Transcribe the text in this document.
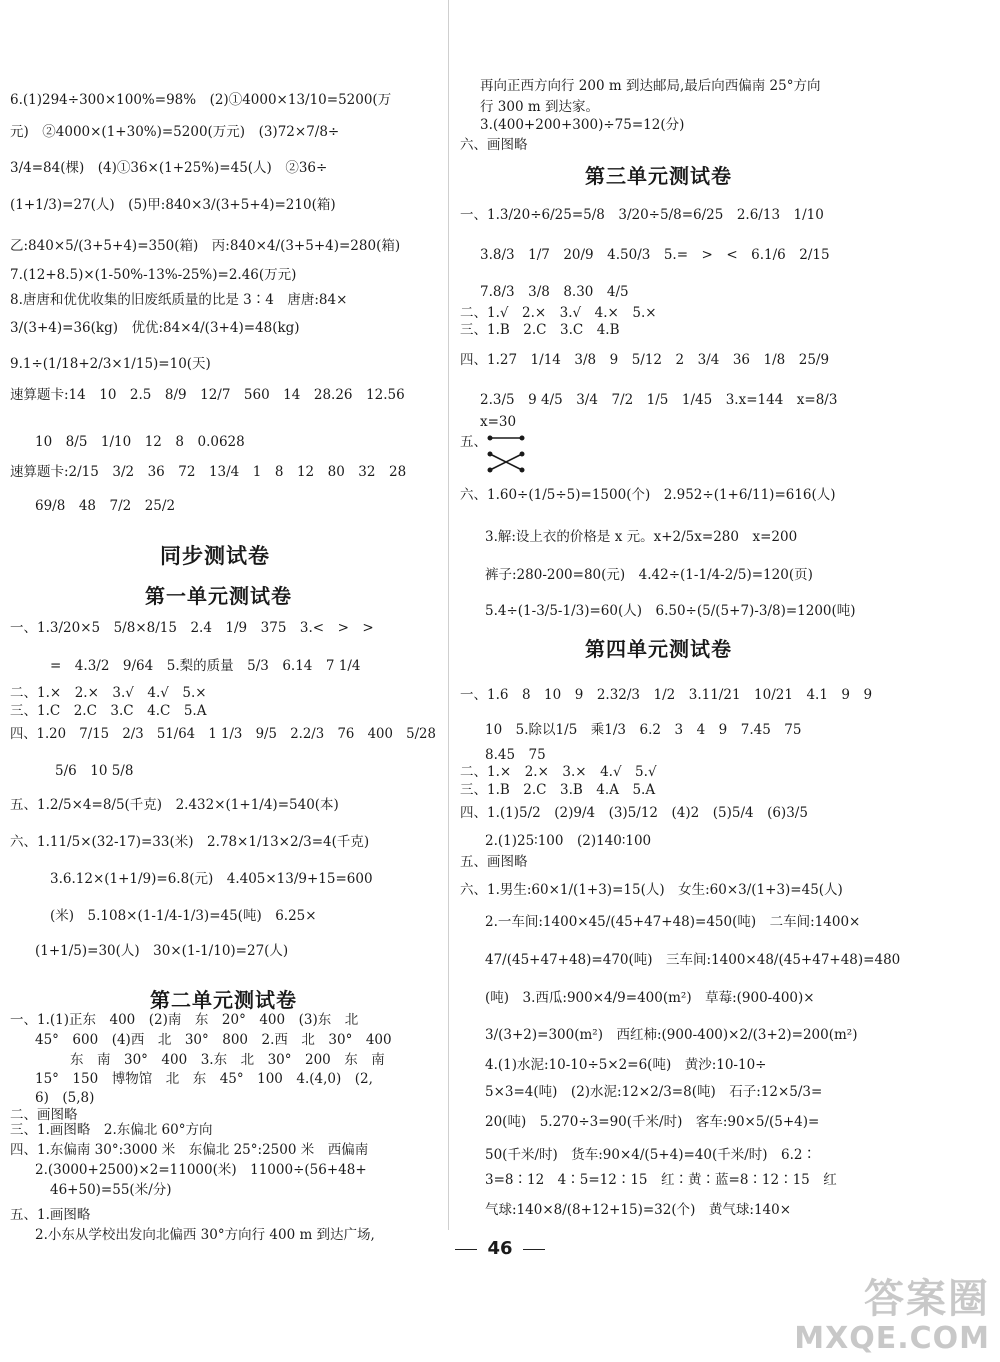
6.(1)294÷300×100%=98%　(2)①4000×13/10=5200(万
元)　②4000×(1+30%)=5200(万元)　(3)72×7/8÷
3/4=84(棵)　(4)①36×(1+25%)=45(人)　②36÷
(1+1/3)=27(人)　(5)甲:840×3/(3+5+4)=210(箱)
乙:840×5/(3+5+4)=350(箱)　丙:840×4/(3+5+4)=280(箱)
7.(12+8.5)×(1-50%-13%-25%)=2.46(万元)
8.唐唐和优优收集的旧废纸质量的比是 3∶4　唐唐:84×
3/(3+4)=36(kg)　优优:84×4/(3+4)=48(kg)
9.1÷(1/18+2/3×1/15)=10(天)
速算题卡:14　10　2.5　8/9　12/7　560　14　28.26　12.56
10　8/5　1/10　12　8　0.0628
速算题卡:2/15　3/2　36　72　13/4　1　8　12　80　32　28
69/8　48　7/2　25/2
同步测试卷
第一单元测试卷
一、1.3/20×5　5/8×8/15　2.4　1/9　375　3.<　>　>
=　4.3/2　9/64　5.梨的质量　5/3　6.14　7 1/4
二、1.×　2.×　3.√　4.√　5.×
三、1.C　2.C　3.C　4.C　5.A
四、1.20　7/15　2/3　51/64　1 1/3　9/5　2.2/3　76　400　5/28
5/6　10 5/8
五、1.2/5×4=8/5(千克)　2.432×(1+1/4)=540(本)
六、1.11/5×(32-17)=33(米)　2.78×1/13×2/3=4(千克)
3.6.12×(1+1/9)=6.8(元)　4.405×13/9+15=600
(米)　5.108×(1-1/4-1/3)=45(吨)　6.25×
(1+1/5)=30(人)　30×(1-1/10)=27(人)
第二单元测试卷
一、1.(1)正东　400　(2)南　东　20°　400　(3)东　北
45°　600　(4)西　北　30°　800　2.西　北　30°　400
东　南　30°　400　3.东　北　30°　200　东　南
15°　150　博物馆　北　东　45°　100　4.(4,0)　(2,
6)　(5,8)
二、画图略
三、1.画图略　2.东偏北 60°方向
四、1.东偏南 30°:3000 米　东偏北 25°:2500 米　西偏南
2.(3000+2500)×2=11000(米)　11000÷(56+48+
46+50)=55(米/分)
五、1.画图略
2.小东从学校出发向北偏西 30°方向行 400 m 到达广场,
再向正西方向行 200 m 到达邮局,最后向西偏南 25°方向
行 300 m 到达家。
3.(400+200+300)÷75=12(分)
六、画图略
第三单元测试卷
一、1.3/20÷6/25=5/8　3/20÷5/8=6/25　2.6/13　1/10
3.8/3　1/7　20/9　4.50/3　5.=　>　<　6.1/6　2/15
7.8/3　3/8　8.30　4/5
二、1.√　2.×　3.√　4.×　5.×
三、1.B　2.C　3.C　4.B
四、1.27　1/14　3/8　9　5/12　2　3/4　36　1/8　25/9
2.3/5　9 4/5　3/4　7/2　1/5　1/45　3.x=144　x=8/3
x=30
五、
六、1.60÷(1/5÷5)=1500(个)　2.952÷(1+6/11)=616(人)
3.解:设上衣的价格是 x 元。x+2/5x=280　x=200
裤子:280-200=80(元)　4.42÷(1-1/4-2/5)=120(页)
5.4÷(1-3/5-1/3)=60(人)　6.50÷(5/(5+7)-3/8)=1200(吨)
第四单元测试卷
一、1.6　8　10　9　2.32/3　1/2　3.11/21　10/21　4.1　9　9
10　5.除以1/5　乘1/3　6.2　3　4　9　7.45　75
8.45　75
二、1.×　2.×　3.×　4.√　5.√
三、1.B　2.C　3.B　4.A　5.A
四、1.(1)5/2　(2)9/4　(3)5/12　(4)2　(5)5/4　(6)3/5
2.(1)25∶100　(2)140∶100
五、画图略
六、1.男生:60×1/(1+3)=15(人)　女生:60×3/(1+3)=45(人)
2.一车间:1400×45/(45+47+48)=450(吨)　二车间:1400×
47/(45+47+48)=470(吨)　三车间:1400×48/(45+47+48)=480
(吨)　3.西瓜:900×4/9=400(m²)　草莓:(900-400)×
3/(3+2)=300(m²)　西红柿:(900-400)×2/(3+2)=200(m²)
4.(1)水泥:10-10÷5×2=6(吨)　黄沙:10-10÷
5×3=4(吨)　(2)水泥:12×2/3=8(吨)　石子:12×5/3=
20(吨)　5.270÷3=90(千米/时)　客车:90×5/(5+4)=
50(千米/时)　货车:90×4/(5+4)=40(千米/时)　6.2∶
3=8∶12　4∶5=12∶15　红∶黄∶蓝=8∶12∶15　红
气球:140×8/(8+12+15)=32(个)　黄气球:140×
46
答案圈
MXQE.COM
